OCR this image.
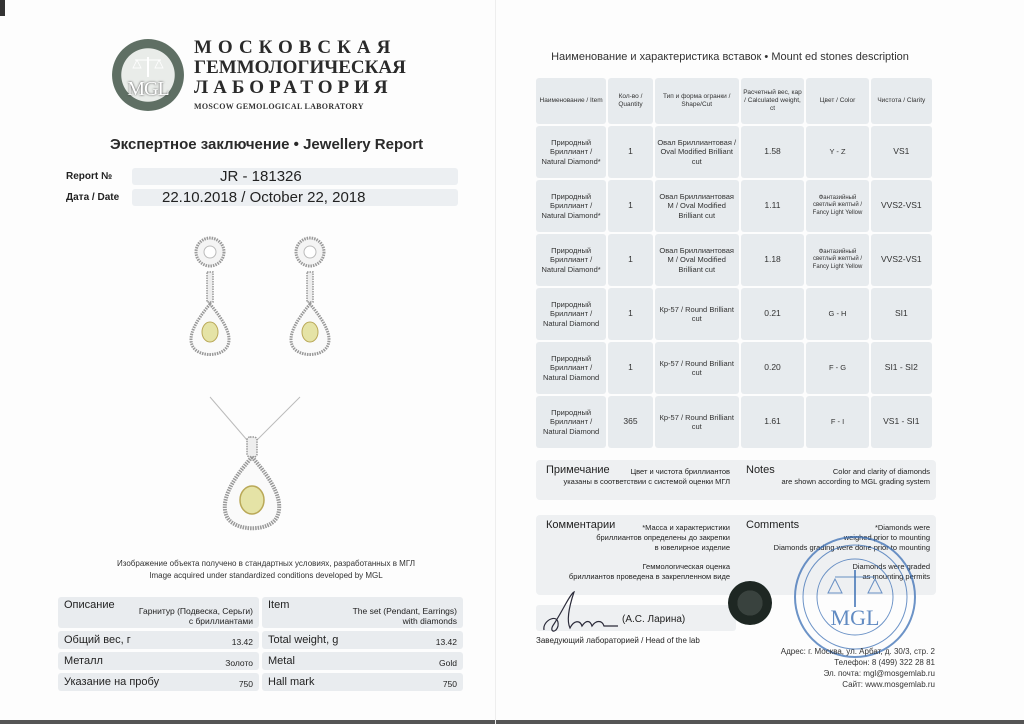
MGL
МОСКОВСКАЯ
ГЕММОЛОГИЧЕСКАЯ
ЛАБОРАТОРИЯ
MOSCOW GEMOLOGICAL LABORATORY
Экспертное заключение • Jewellery Report
Report №	JR - 181326
Дата / Date	22.10.2018 / October 22, 2018
Изображение объекта получено в стандартных условиях, разработанных в МГЛ
Image acquired under standardized conditions developed by MGL
Описание	Гарнитур (Подвеска, Серьги) с бриллиантами
Item	The set (Pendant, Earrings) with diamonds
Общий вес, г	13.42 Total weight, g	13.42
Металл	Золото Metal	Gold
Указание на пробу	750 Hall mark	750
Наименование и характеристика вставок • Mount ed stones description
Наименование / Item	Кол-во / Quantity	Тип и форма огранки / Shape/Cut	Расчетный вес, кар / Calculated weight, ct	Цвет / Color	Чистота / Clarity
Природный Бриллиант / Natural Diamond*	1	Овал Бриллиантовая / Oval Modified Brilliant cut	1.58	Y - Z	VS1
Природный Бриллиант / Natural Diamond*	1	Овал Бриллиантовая М / Oval Modified Brilliant cut	1.11	Фантазийный светлый желтый / Fancy Light Yellow	VVS2-VS1
Природный Бриллиант / Natural Diamond*	1	Овал Бриллиантовая М / Oval Modified Brilliant cut	1.18	Фантазийный светлый желтый / Fancy Light Yellow	VVS2-VS1
Природный Бриллиант / Natural Diamond	1	Кр-57 / Round Brilliant cut	0.21	G - H	SI1
Природный Бриллиант / Natural Diamond	1	Кр-57 / Round Brilliant cut	0.20	F - G	SI1 - SI2
Природный Бриллиант / Natural Diamond	365	Кр-57 / Round Brilliant cut	1.61	F - I	VS1 - SI1
Примечание	Цвет и чистота бриллиантов
указаны в соответствии с системой оценки МГЛ
Notes	Color and clarity of diamonds
are shown according to MGL grading system
Комментарии	*Масса и характеристики
бриллиантов определены до закрепки
в ювелирное изделие
Геммологическая оценка
бриллиантов проведена в закрепленном виде
Comments	*Diamonds were
weighed prior to mounting
Diamonds grading were done prior to mounting
Diamonds were graded
as mounting permits
(А.С. Ларина)
Заведующий лабораторией / Head of the lab
MGL
Адрес: г. Москва, ул. Арбат, д. 30/3, стр. 2
Телефон: 8 (499) 322 28 81
Эл. почта: mgl@mosgemlab.ru
Сайт: www.mosgemlab.ru
